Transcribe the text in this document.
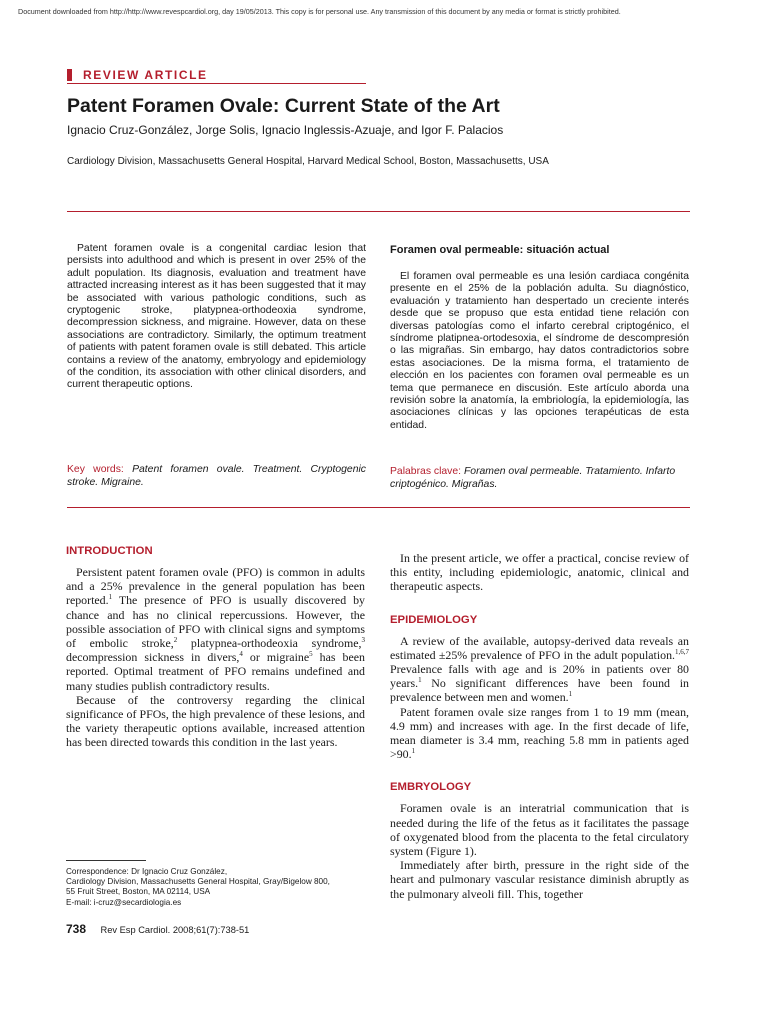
Document downloaded from http://http://www.revespcardiol.org, day 19/05/2013. This copy is for personal use. Any transmission of this document by any media or format is strictly prohibited.
REVIEW ARTICLE
Patent Foramen Ovale: Current State of the Art

Ignacio Cruz-González, Jorge Solis, Ignacio Inglessis-Azuaje, and Igor F. Palacios

Cardiology Division, Massachusetts General Hospital, Harvard Medical School, Boston, Massachusetts, USA

Patent foramen ovale is a congenital cardiac lesion that persists into adulthood and which is present in over 25% of the adult population. Its diagnosis, evaluation and treatment have attracted increasing interest as it has been suggested that it may be associated with various pathologic conditions, such as cryptogenic stroke, platypnea-orthodeoxia syndrome, decompression sickness, and migraine. However, data on these associations are contradictory. Similarly, the optimum treatment of patients with patent foramen ovale is still debated. This article contains a review of the anatomy, embryology and epidemiology of the condition, its association with other clinical disorders, and current therapeutic options.

Key words: Patent foramen ovale. Treatment. Cryptogenic stroke. Migraine.

Foramen oval permeable: situación actual

El foramen oval permeable es una lesión cardiaca congénita presente en el 25% de la población adulta. Su diagnóstico, evaluación y tratamiento han despertado un creciente interés desde que se propuso que esta entidad tiene relación con diversas patologías como el infarto cerebral criptogénico, el síndrome platipnea-ortodesoxia, el síndrome de descompresión o las migrañas. Sin embargo, hay datos contradictorios sobre estas asociaciones. De la misma forma, el tratamiento de elección en los pacientes con foramen oval permeable es un tema que permanece en discusión. Este artículo aborda una revisión sobre la anatomía, la embriología, la epidemiología, las asociaciones clínicas y las opciones terapéuticas de esta entidad.

Palabras clave: Foramen oval permeable. Tratamiento. Infarto criptogénico. Migrañas.

INTRODUCTION

Persistent patent foramen ovale (PFO) is common in adults and a 25% prevalence in the general population has been reported.$^1$ The presence of PFO is usually discovered by chance and has no clinical repercussions. However, the possible association of PFO with clinical signs and symptoms of embolic stroke,$^2$ platypnea-orthodeoxia syndrome,$^3$ decompression sickness in divers,$^4$ or migraine$^5$ has been reported. Optimal treatment of PFO remains undefined and many studies publish contradictory results.

Because of the controversy regarding the clinical significance of PFOs, the high prevalence of these lesions, and the variety therapeutic options available, increased attention has been directed towards this condition in the last years.

In the present article, we offer a practical, concise review of this entity, including epidemiologic, anatomic, clinical and therapeutic aspects.

EPIDEMIOLOGY

A review of the available, autopsy-derived data reveals an estimated ±25% prevalence of PFO in the adult population.$^{1,6,7}$ Prevalence falls with age and is 20% in patients over 80 years.$^1$ No significant differences have been found in prevalence between men and women.$^1$

Patent foramen ovale size ranges from 1 to 19 mm (mean, 4.9 mm) and increases with age. In the first decade of life, mean diameter is 3.4 mm, reaching 5.8 mm in patients aged >90.$^1$

EMBRYOLOGY

Foramen ovale is an interatrial communication that is needed during the life of the fetus as it facilitates the passage of oxygenated blood from the placenta to the fetal circulatory system (Figure 1).

Immediately after birth, pressure in the right side of the heart and pulmonary vascular resistance diminish abruptly as the pulmonary alveoli fill. This, together

Correspondence: Dr Ignacio Cruz González,
Cardiology Division, Massachusetts General Hospital, Gray/Bigelow 800,
55 Fruit Street, Boston, MA 02114, USA
E-mail: i-cruz@secardiologia.es
738 Rev Esp Cardiol. 2008;61(7):738-51
